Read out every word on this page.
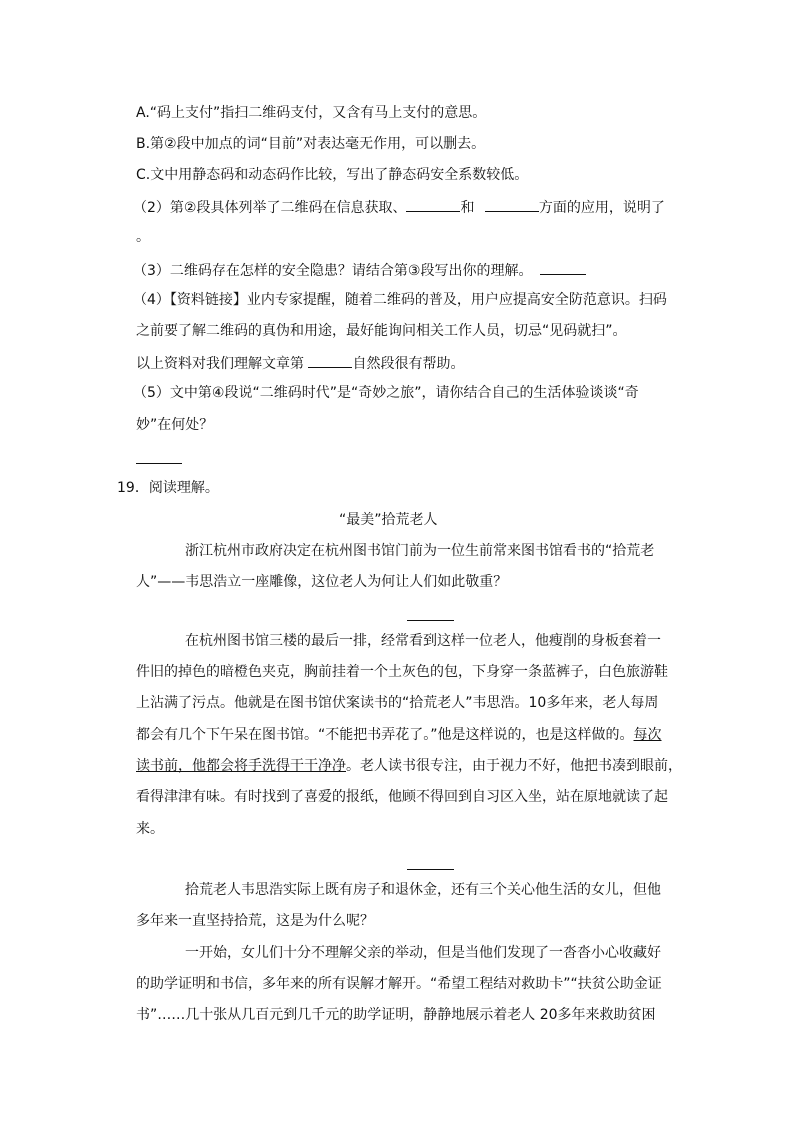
A.“码上支付”指扫二维码支付，又含有马上支付的意思。
B.第②段中加点的词“目前”对表达毫无作用，可以删去。
C.文中用静态码和动态码作比较，写出了静态码安全系数较低。
（2）第②段具体列举了二维码在信息获取、	和	方面的应用，说明了
。
（3）二维码存在怎样的安全隐患？请结合第③段写出你的理解。
（4）【资料链接】业内专家提醒，随着二维码的普及，用户应提高安全防范意识。扫码
之前要了解二维码的真伪和用途，最好能询问相关工作人员，切忌“见码就扫”。
以上资料对我们理解文章第	自然段很有帮助。
（5）文中第④段说“二维码时代”是“奇妙之旅”，请你结合自己的生活体验谈谈“奇
妙”在何处？
19．阅读理解。
“最美”拾荒老人
浙江杭州市政府决定在杭州图书馆门前为一位生前常来图书馆看书的“拾荒老
人”——韦思浩立一座雕像，这位老人为何让人们如此敬重？
在杭州图书馆三楼的最后一排，经常看到这样一位老人，他瘦削的身板套着一
件旧的掉色的暗橙色夹克，胸前挂着一个土灰色的包，下身穿一条蓝裤子，白色旅游鞋
上沾满了污点。他就是在图书馆伏案读书的“拾荒老人”韦思浩。10多年来，老人每周
都会有几个下午呆在图书馆。“不能把书弄花了。”他是这样说的，也是这样做的。每次
读书前，他都会将手洗得干干净净。老人读书很专注，由于视力不好，他把书凑到眼前，
看得津津有味。有时找到了喜爱的报纸，他顾不得回到自习区入坐，站在原地就读了起
来。
拾荒老人韦思浩实际上既有房子和退休金，还有三个关心他生活的女儿，但他
多年来一直坚持拾荒，这是为什么呢？
一开始，女儿们十分不理解父亲的举动，但是当他们发现了一沓沓小心收藏好
的助学证明和书信，多年来的所有误解才解开。“希望工程结对救助卡”“扶贫公助金证
书”……几十张从几百元到几千元的助学证明，静静地展示着老人 20多年来救助贫困
